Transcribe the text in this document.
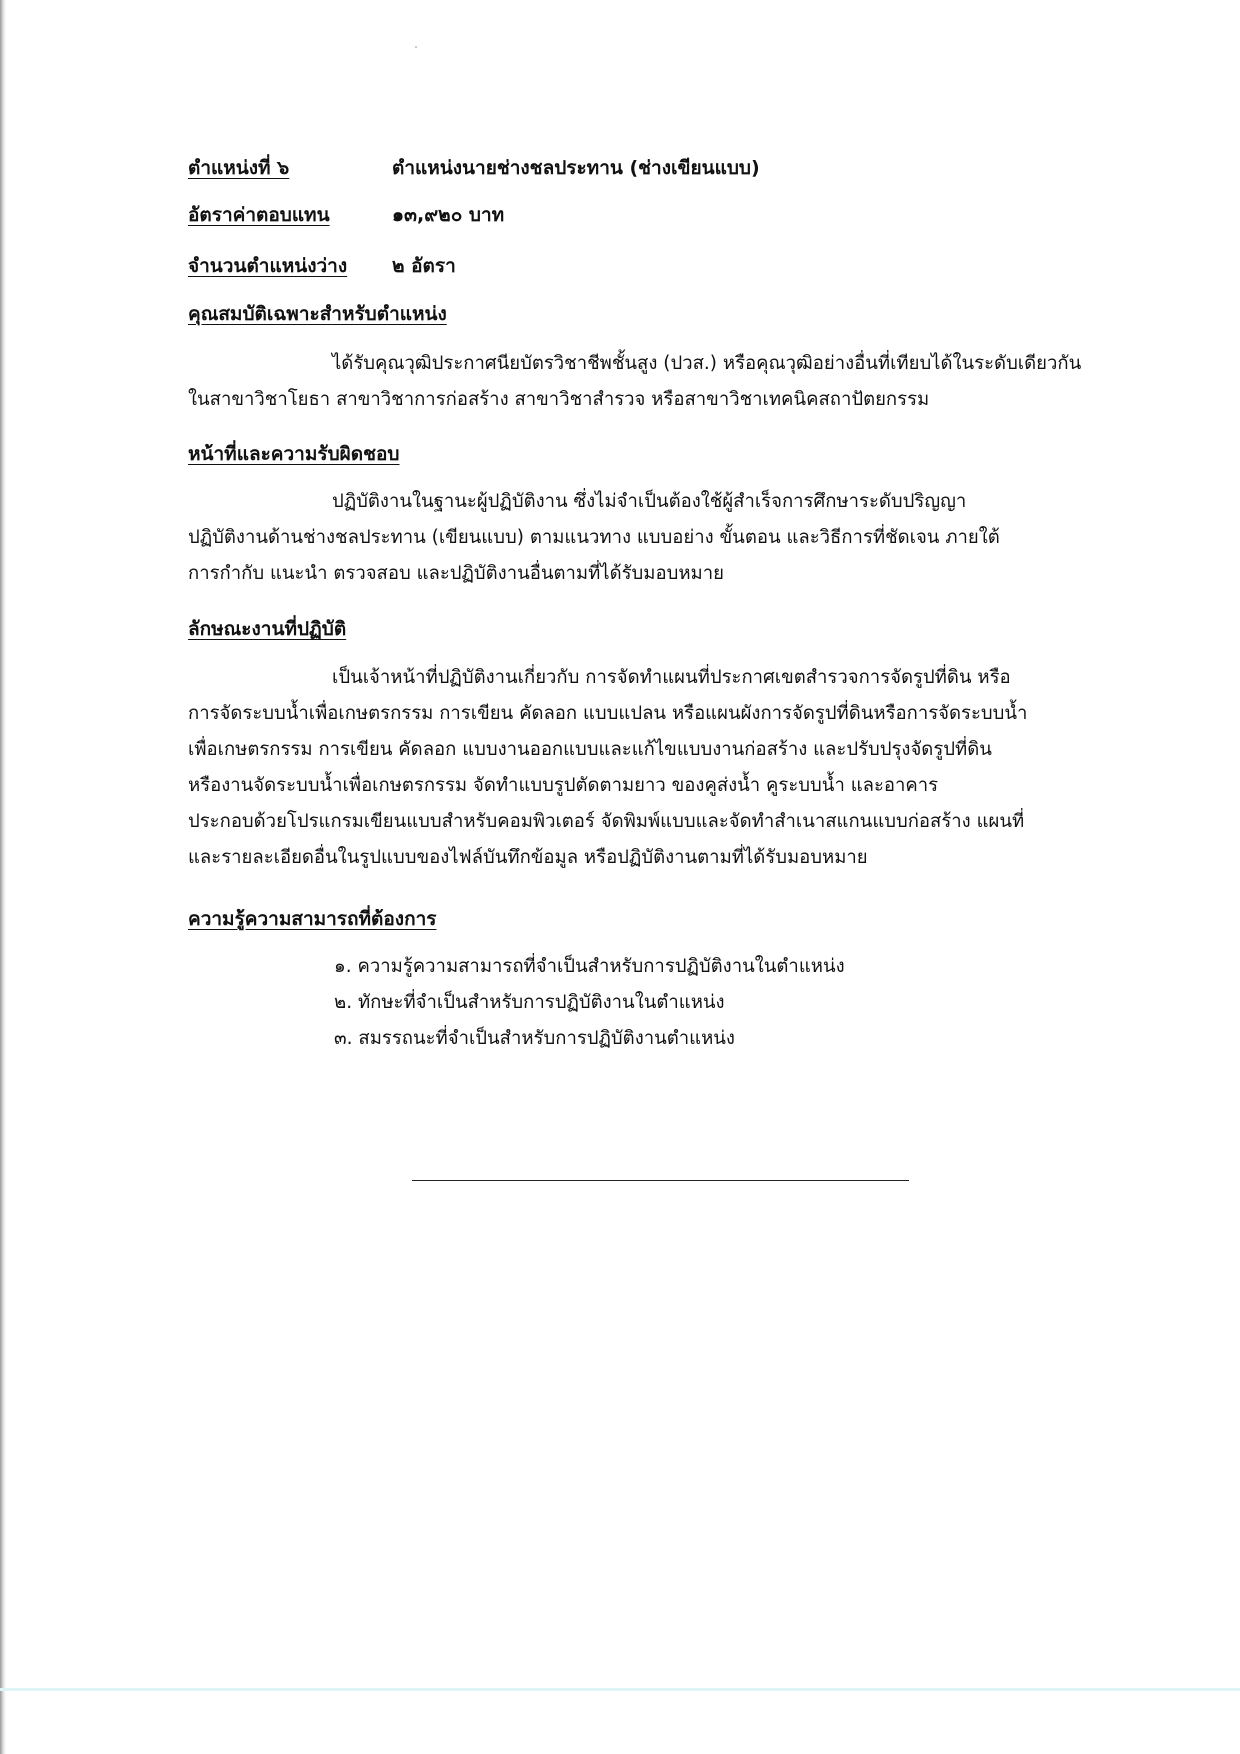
ตำแหน่งที่ ๖	ตำแหน่งนายช่างชลประทาน (ช่างเขียนแบบ)
อัตราค่าตอบแทน	๑๓,๙๒๐ บาท
จำนวนตำแหน่งว่าง ๒ อัตรา
คุณสมบัติเฉพาะสำหรับตำแหน่ง
ได้รับคุณวุฒิประกาศนียบัตรวิชาชีพชั้นสูง (ปวส.) หรือคุณวุฒิอย่างอื่นที่เทียบได้ในระดับเดียวกัน
ในสาขาวิชาโยธา สาขาวิชาการก่อสร้าง สาขาวิชาสำรวจ หรือสาขาวิชาเทคนิคสถาปัตยกรรม
หน้าที่และความรับผิดชอบ
ปฏิบัติงานในฐานะผู้ปฏิบัติงาน ซึ่งไม่จำเป็นต้องใช้ผู้สำเร็จการศึกษาระดับปริญญา
ปฏิบัติงานด้านช่างชลประทาน (เขียนแบบ) ตามแนวทาง แบบอย่าง ขั้นตอน และวิธีการที่ชัดเจน ภายใต้
การกำกับ แนะนำ ตรวจสอบ และปฏิบัติงานอื่นตามที่ได้รับมอบหมาย
ลักษณะงานที่ปฏิบัติ
เป็นเจ้าหน้าที่ปฏิบัติงานเกี่ยวกับ การจัดทำแผนที่ประกาศเขตสำรวจการจัดรูปที่ดิน หรือ
การจัดระบบน้ำเพื่อเกษตรกรรม การเขียน คัดลอก แบบแปลน หรือแผนผังการจัดรูปที่ดินหรือการจัดระบบน้ำ
เพื่อเกษตรกรรม การเขียน คัดลอก แบบงานออกแบบและแก้ไขแบบงานก่อสร้าง และปรับปรุงจัดรูปที่ดิน
หรืองานจัดระบบน้ำเพื่อเกษตรกรรม จัดทำแบบรูปตัดตามยาว ของคูส่งน้ำ คูระบบน้ำ และอาคาร
ประกอบด้วยโปรแกรมเขียนแบบสำหรับคอมพิวเตอร์ จัดพิมพ์แบบและจัดทำสำเนาสแกนแบบก่อสร้าง แผนที่
และรายละเอียดอื่นในรูปแบบของไฟล์บันทึกข้อมูล หรือปฏิบัติงานตามที่ได้รับมอบหมาย
ความรู้ความสามารถที่ต้องการ
๑. ความรู้ความสามารถที่จำเป็นสำหรับการปฏิบัติงานในตำแหน่ง
๒. ทักษะที่จำเป็นสำหรับการปฏิบัติงานในตำแหน่ง
๓. สมรรถนะที่จำเป็นสำหรับการปฏิบัติงานตำแหน่ง
